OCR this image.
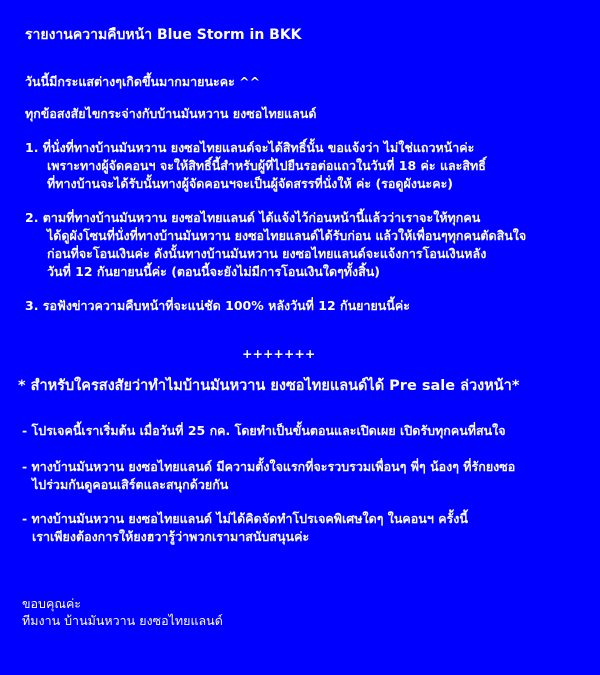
รายงานความคืบหน้า Blue Storm in BKK
วันนี้มีกระแสต่างๆเกิดขึ้นมากมายนะคะ ^^
ทุกข้อสงสัยไขกระจ่างกับบ้านมันหวาน ยงซอไทยแลนด์
1. ที่นั่งที่ทางบ้านมันหวาน ยงซอไทยแลนด์จะได้สิทธิ์นั้น ขอแจ้งว่า ไม่ใช่แถวหน้าค่ะ
เพราะทางผู้จัดคอนฯ จะให้สิทธิ์นี้สำหรับผู้ที่ไปยืนรอต่อแถวในวันที่ 18 ค่ะ และสิทธิ์
ที่ทางบ้านจะได้รับนั้นทางผู้จัดคอนฯจะเป็นผู้จัดสรรที่นั่งให้ ค่ะ (รอดูผังนะคะ)
2. ตามที่ทางบ้านมันหวาน ยงซอไทยแลนด์ ได้แจ้งไว้ก่อนหน้านี้แล้วว่าเราจะให้ทุกคน
ได้ดูผังโซนที่นั่งที่ทางบ้านมันหวาน ยงซอไทยแลนด์ได้รับก่อน แล้วให้เพื่อนๆทุกคนตัดสินใจ
ก่อนที่จะโอนเงินค่ะ ดังนั้นทางบ้านมันหวาน ยงซอไทยแลนด์จะแจ้งการโอนเงินหลัง
วันที่ 12 กันยายนนี้ค่ะ (ตอนนี้จะยังไม่มีการโอนเงินใดๆทั้งสิ้น)
3. รอฟังข่าวความคืบหน้าที่จะแน่ชัด 100% หลังวันที่ 12 กันยายนนี้ค่ะ
+++++++
* สำหรับใครสงสัยว่าทำไมบ้านมันหวาน ยงซอไทยแลนด์ได้ Pre sale ล่วงหน้า*
- โปรเจคนี้เราเริ่มต้น เมื่อวันที่ 25 กค. โดยทำเป็นขั้นตอนและเปิดเผย เปิดรับทุกคนที่สนใจ
- ทางบ้านมันหวาน ยงซอไทยแลนด์ มีความตั้งใจแรกที่จะรวบรวมเพื่อนๆ พี่ๆ น้องๆ ที่รักยงซอ
ไปร่วมกันดูคอนเสิร์ตและสนุกด้วยกัน
- ทางบ้านมันหวาน ยงซอไทยแลนด์ ไม่ได้คิดจัดทำโปรเจคพิเศษใดๆ ในคอนฯ ครั้งนี้
เราเพียงต้องการให้ยงฮวารู้ว่าพวกเรามาสนับสนุนค่ะ
ขอบคุณค่ะ
ทีมงาน บ้านมันหวาน ยงซอไทยแลนด์
